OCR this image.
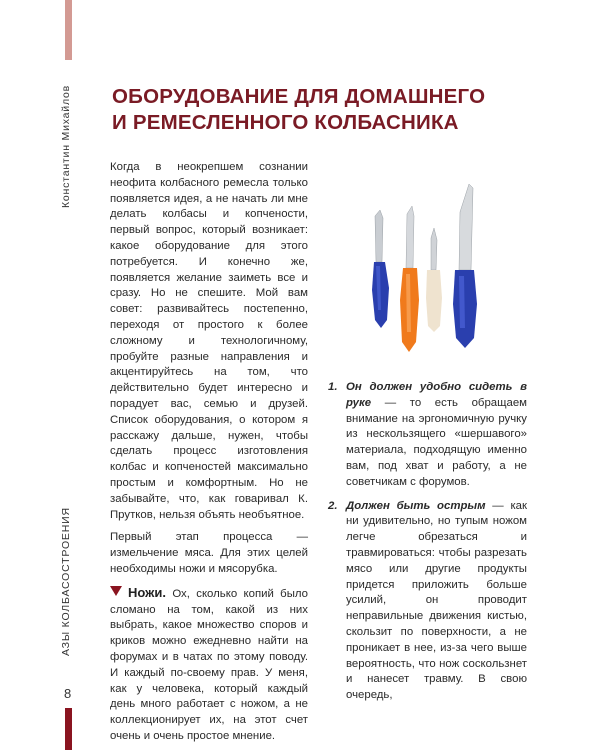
Константин Михайлов
АЗЫ КОЛБАСОСТРОЕНИЯ
8
ОБОРУДОВАНИЕ ДЛЯ ДОМАШНЕГО
И РЕМЕСЛЕННОГО КОЛБАСНИКА

Когда в неокрепшем сознании неофита колбасного ремесла только появляется идея, а не начать ли мне делать колбасы и копчености, первый вопрос, который возникает: какое оборудование для этого потребуется. И конечно же, появляется желание заиметь все и сразу. Но не спешите. Мой вам совет: развивайтесь постепенно, переходя от простого к более сложному и технологичному, пробуйте разные направления и акцентируйтесь на том, что действительно будет интересно и порадует вас, семью и друзей. Список оборудования, о котором я расскажу дальше, нужен, чтобы сделать процесс изготовления колбас и копченостей максимально простым и комфортным. Но не забывайте, что, как говаривал К. Прутков, нельзя объять необъятное.

Первый этап процесса — измельчение мяса. Для этих целей необходимы ножи и мясорубка.

Ножи. Ох, сколько копий было сломано на том, какой из них выбрать, какое множество споров и криков можно ежедневно найти на форумах и в чатах по этому поводу. И каждый по-своему прав. У меня, как у человека, который каждый день много работает с ножом, а не коллекционирует их, на этот счет очень и очень простое мнение.

1. Он должен удобно сидеть в руке — то есть обращаем внимание на эргономичную ручку из нескользящего «шершавого» материала, подходящую именно вам, под хват и работу, а не советчикам с форумов.
2. Должен быть острым — как ни удивительно, но тупым ножом легче обрезаться и травмироваться: чтобы разрезать мясо или другие продукты придется приложить больше усилий, он проводит неправильные движения кистью, скользит по поверхности, а не проникает в нее, из-за чего выше вероятность, что нож соскользнет и нанесет травму. В свою очередь,
